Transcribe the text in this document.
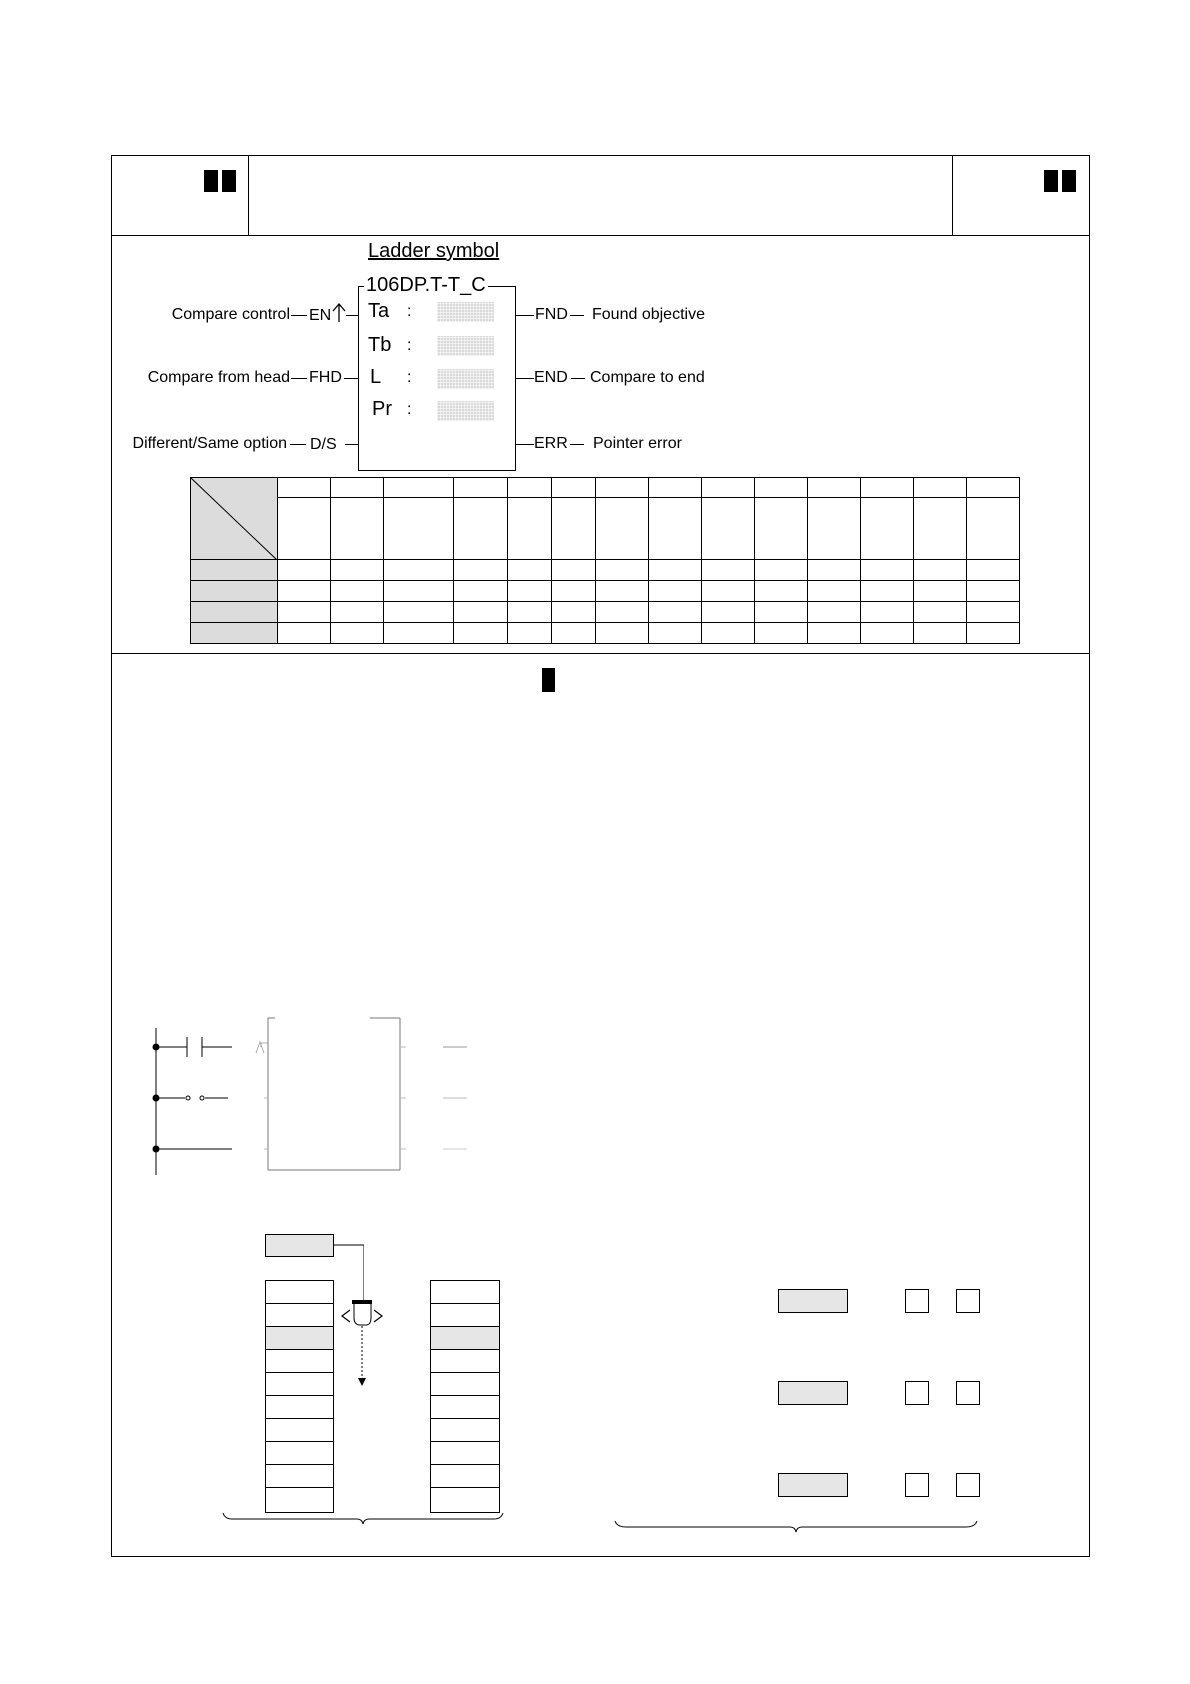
Ladder symbol
106DP.T-T_C
Ta
Tb
L
Pr
:
:
:
:
Compare control EN
Compare from head FHD
Different/Same option D/S
FND Found objective
END Compare to end
ERR Pointer error
